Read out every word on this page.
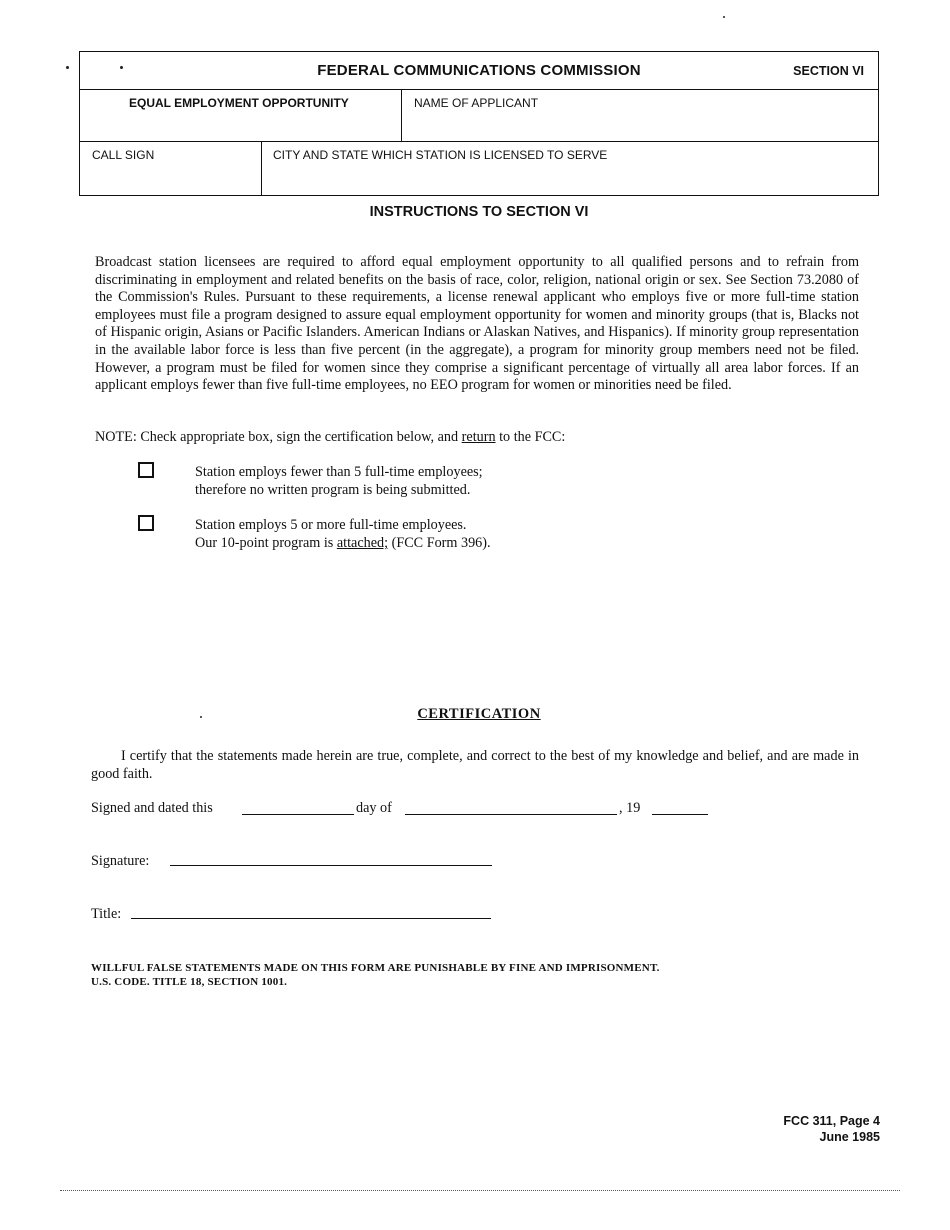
FEDERAL COMMUNICATIONS COMMISSION	SECTION VI
EQUAL EMPLOYMENT OPPORTUNITY	NAME OF APPLICANT
CALL SIGN	CITY AND STATE WHICH STATION IS LICENSED TO SERVE
INSTRUCTIONS TO SECTION VI
Broadcast station licensees are required to afford equal employment opportunity to all qualified persons and to refrain from discriminating in employment and related benefits on the basis of race, color, religion, national origin or sex. See Section 73.2080 of the Commission's Rules. Pursuant to these requirements, a license renewal applicant who employs five or more full-time station employees must file a program designed to assure equal employment opportunity for women and minority groups (that is, Blacks not of Hispanic origin, Asians or Pacific Islanders. American Indians or Alaskan Natives, and Hispanics). If minority group representation in the available labor force is less than five percent (in the aggregate), a program for minority group members need not be filed. However, a program must be filed for women since they comprise a significant percentage of virtually all area labor forces. If an applicant employs fewer than five full-time employees, no EEO program for women or minorities need be filed.
NOTE: Check appropriate box, sign the certification below, and return to the FCC:
Station employs fewer than 5 full-time employees;
therefore no written program is being submitted.
Station employs 5 or more full-time employees.
Our 10-point program is attached; (FCC Form 396).
CERTIFICATION
I certify that the statements made herein are true, complete, and correct to the best of my knowledge and belief, and are made in good faith.
Signed and dated this	day of	, 19
Signature:
Title:
WILLFUL FALSE STATEMENTS MADE ON THIS FORM ARE PUNISHABLE BY FINE AND IMPRISONMENT.
U.S. CODE. TITLE 18, SECTION 1001.
FCC 311, Page 4
June 1985
